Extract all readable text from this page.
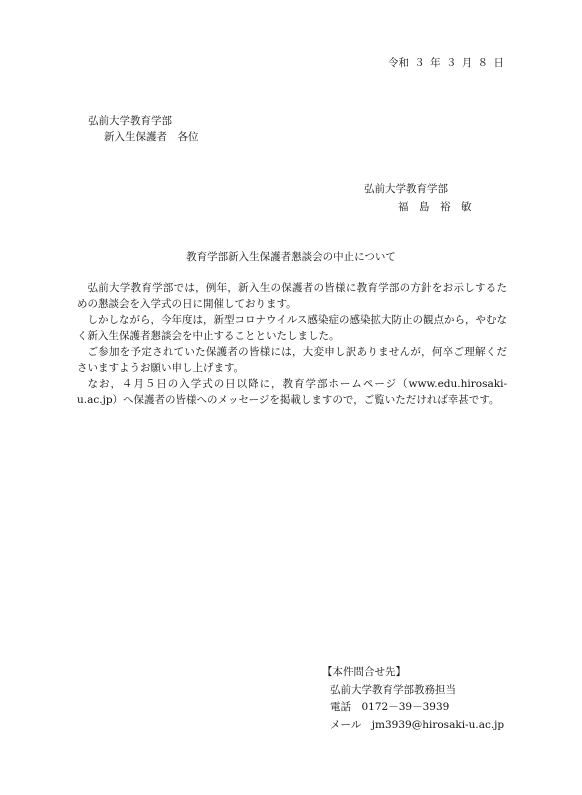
令和 ３ 年 ３ 月 ８ 日
弘前大学教育学部
新入生保護者　各位
弘前大学教育学部
福　島　裕　敏
教育学部新入生保護者懇談会の中止について

弘前大学教育学部では，例年，新入生の保護者の皆様に教育学部の方針をお示しするための懇談会を入学式の日に開催しております。

しかしながら，今年度は，新型コロナウイルス感染症の感染拡大防止の観点から，やむなく新入生保護者懇談会を中止することといたしました。

ご参加を予定されていた保護者の皆様には，大変申し訳ありませんが，何卒ご理解くださいますようお願い申し上げます。

なお，４月５日の入学式の日以降に，教育学部ホームページ（www.edu.hirosaki-u.ac.jp）へ保護者の皆様へのメッセージを掲載しますので，ご覧いただければ幸甚です。

【本件問合せ先】
弘前大学教育学部教務担当
電話　0172－39－3939
メール　jm3939@hirosaki-u.ac.jp
